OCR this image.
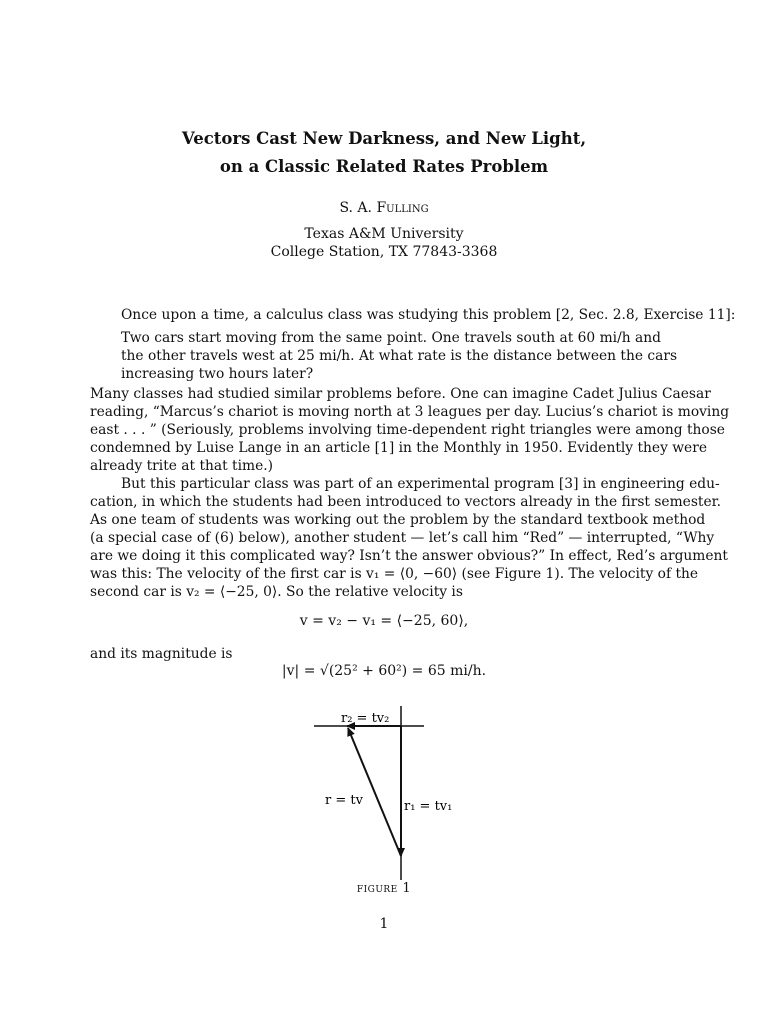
Vectors Cast New Darkness, and New Light,
on a Classic Related Rates Problem
S. A. Fulling
Texas A&M University
College Station, TX 77843-3368
Once upon a time, a calculus class was studying this problem [2, Sec. 2.8, Exercise 11]:
Two cars start moving from the same point. One travels south at 60 mi/h and
the other travels west at 25 mi/h. At what rate is the distance between the cars
increasing two hours later?
Many classes had studied similar problems before. One can imagine Cadet Julius Caesar
reading, “Marcus’s chariot is moving north at 3 leagues per day. Lucius’s chariot is moving
east . . . ” (Seriously, problems involving time-dependent right triangles were among those
condemned by Luise Lange in an article [1] in the Monthly in 1950. Evidently they were
already trite at that time.)
But this particular class was part of an experimental program [3] in engineering edu-
cation, in which the students had been introduced to vectors already in the first semester.
As one team of students was working out the problem by the standard textbook method
(a special case of (6) below), another student — let’s call him “Red” — interrupted, “Why
are we doing it this complicated way? Isn’t the answer obvious?” In effect, Red’s argument
was this: The velocity of the first car is v₁ = ⟨0, −60⟩ (see Figure 1). The velocity of the
second car is v₂ = ⟨−25, 0⟩. So the relative velocity is
v = v₂ − v₁ = ⟨−25, 60⟩,
and its magnitude is
|v| = √(25² + 60²) = 65 mi/h.
r₂ = tv₂
r = tv	r₁ = tv₁
figure 1
1
